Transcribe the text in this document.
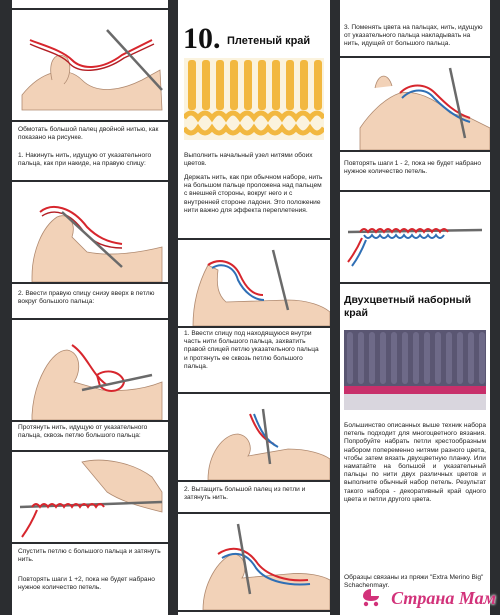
Обмотать большой палец двойной нитью, как показано на рисунке.
1. Накинуть нить, идущую от указательного пальца, как при накиде, на правую спицу:
2. Ввести правую спицу снизу вверх в петлю вокруг большого пальца:
Протянуть нить, идущую от указательного пальца, сквозь петлю большого пальца:
Спустить петлю с большого пальца и затянуть нить.
Повторять шаги 1 +2, пока не будет набрано нужное количество петель.
Выполнить начальный узел нитями обоих цветов.
Держать нить, как при обычном наборе, нить на большом пальце проложена над пальцем с внешней стороны, вокруг него и с внутренней стороне ладони. Это положение нити важно для эффекта переплетения.
1. Ввести спицу под находящуюся внутри часть нити большого пальца, захватить правой спицей петлю указательного пальца и протянуть ее сквозь петлю большого пальца.
2. Вытащить большой палец из петли и затянуть нить.
10. Плетеный край
3. Поменять цвета на пальцах, нить, идущую от указательного пальца накладывать на нить, идущей от большого пальца.
Повторять шаги 1 - 2, пока не будет набрано нужное количество петель.
Большинство описанных выше техник набора петель подходит для многоцветного вязания. Попробуйте набрать петли крестообразным набором попеременно нитями разного цвета, чтобы затем вязать двухцветную планку. Или наматайте на большой и указательный пальцы по нити двух различных цветов и выполните обычный набор петель. Результат такого набора - декоративный край одного цвета и петли другого цвета.
Образцы связаны из пряжи "Extra Merino Big" Schachenmayr.
Двухцветный наборный край
Страна Мам
